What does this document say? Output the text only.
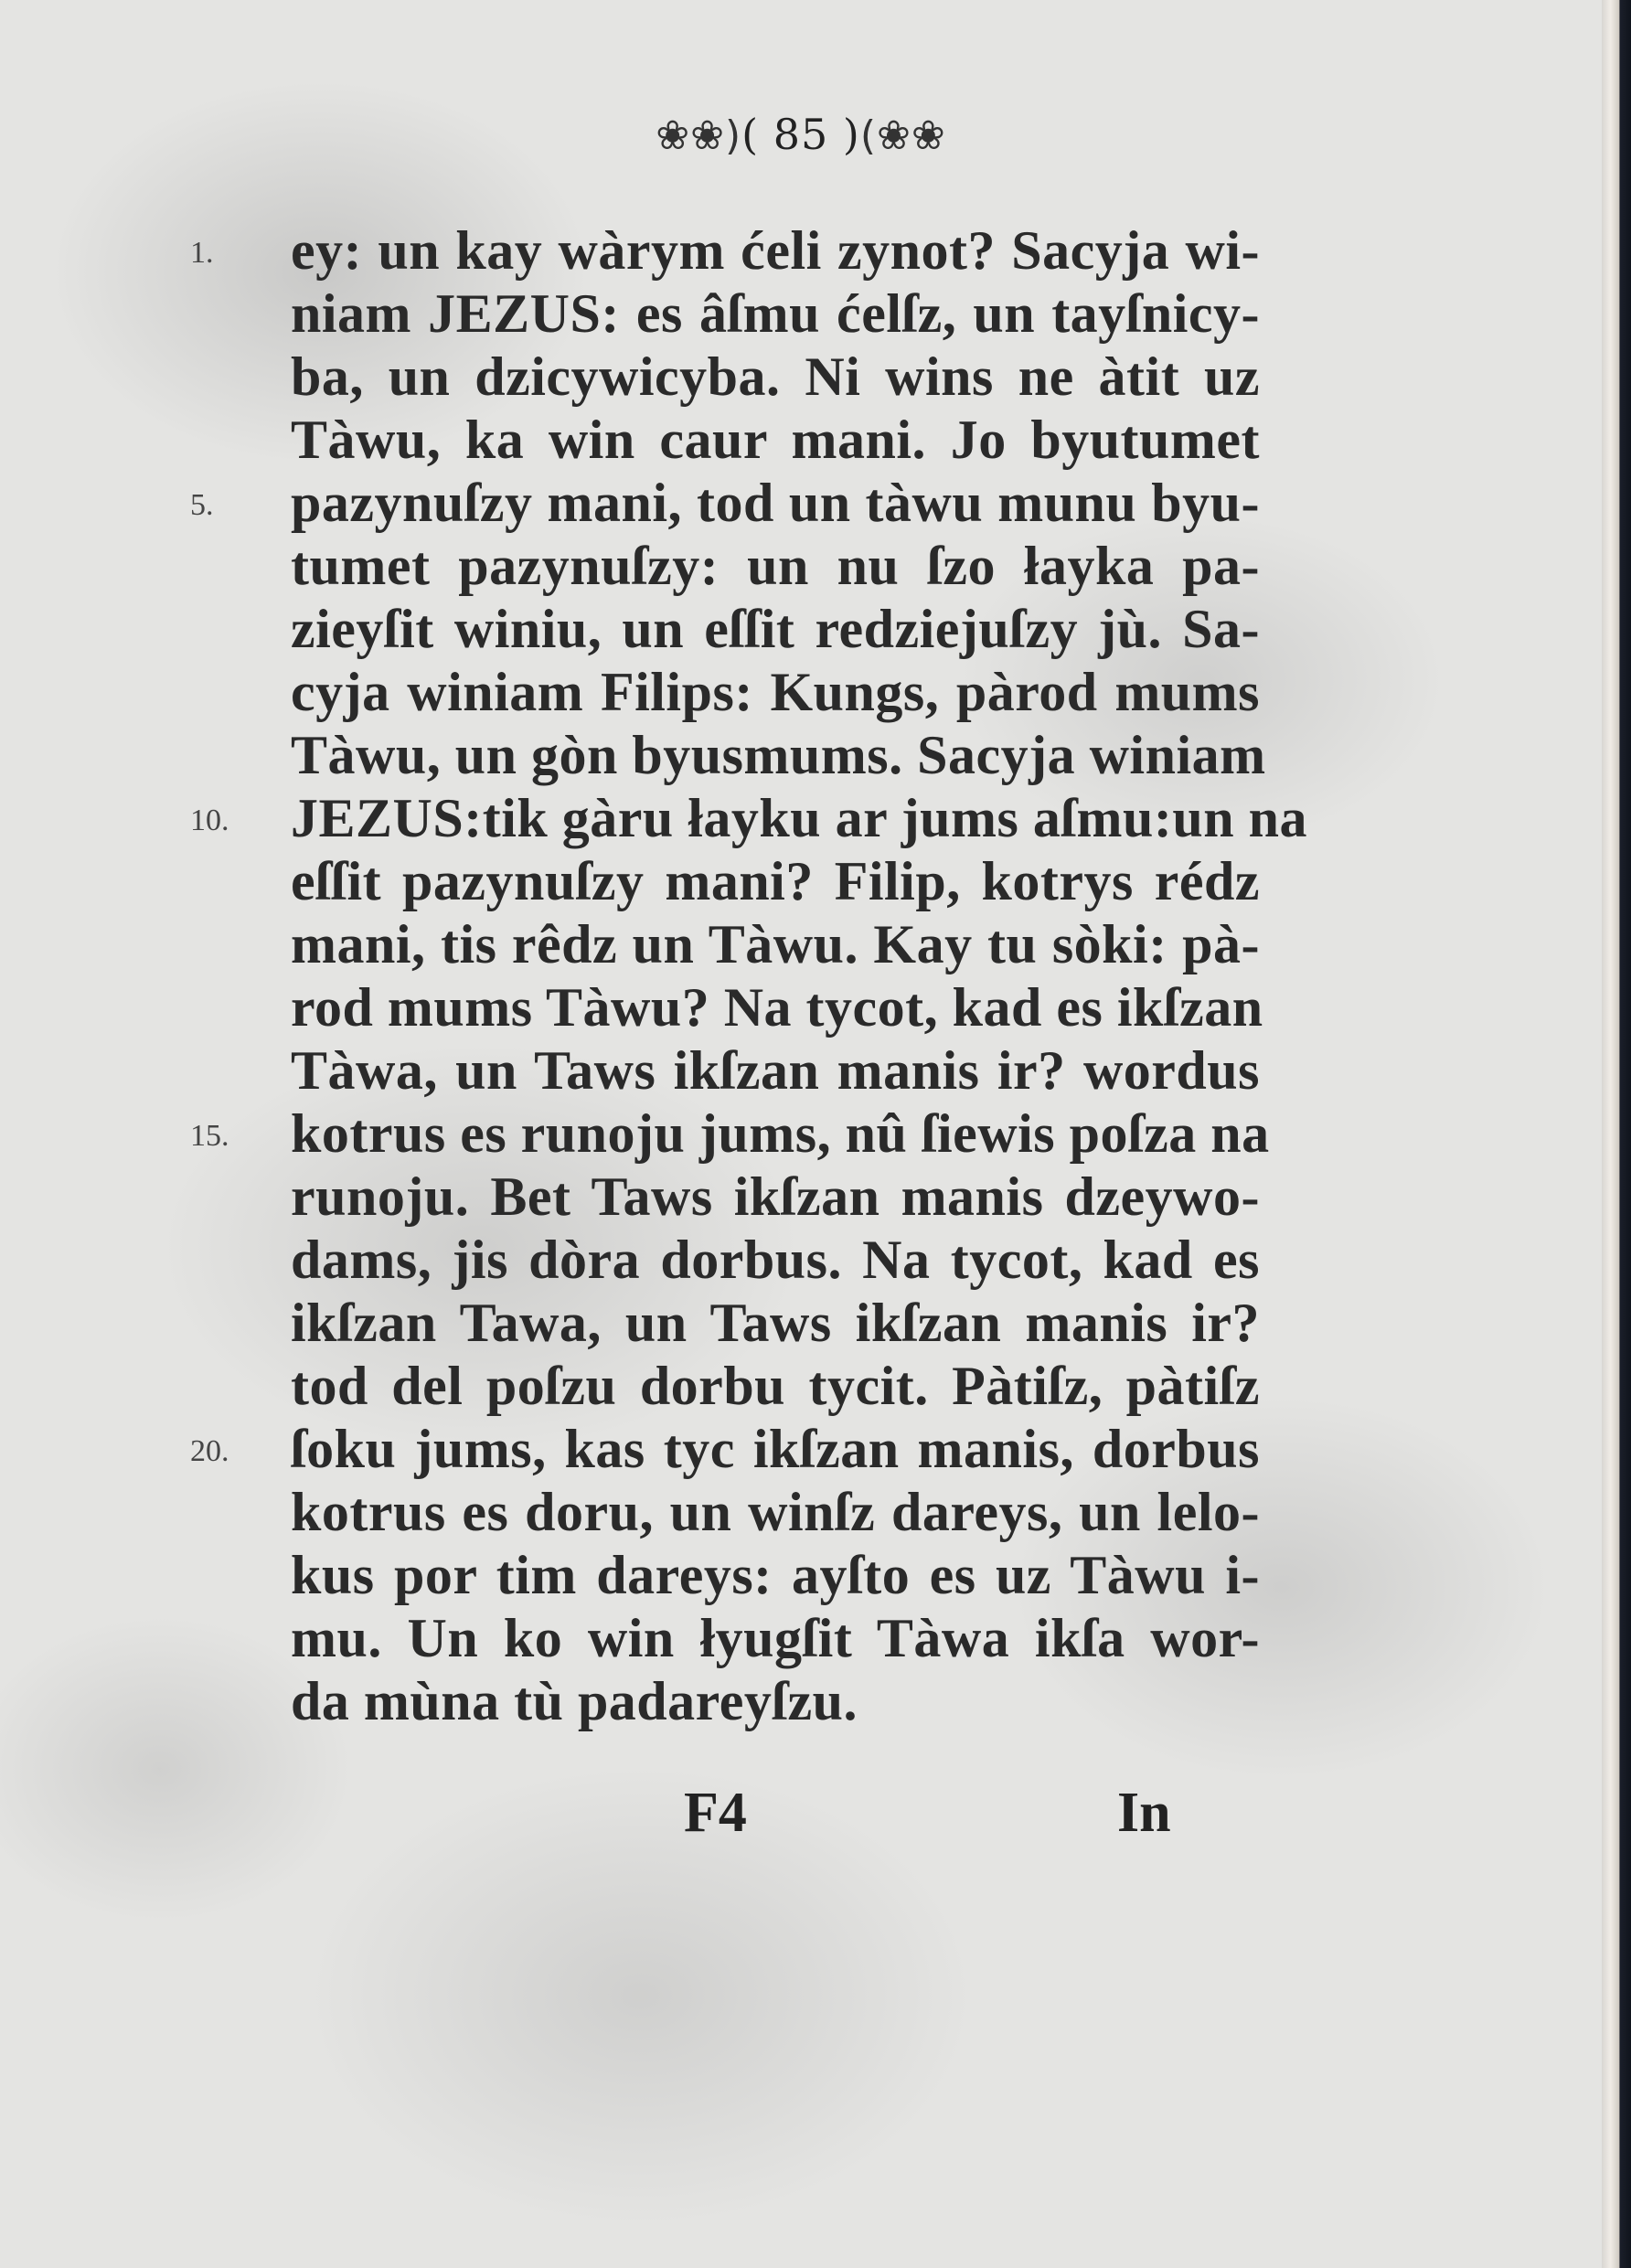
❀❀)( 85 )(❀❀
1.
5.
10.
15.
20.
ey: un kay wàrym ćeli zynot? Sacyja wi-
niam JEZUS: es âſmu ćelſz, un tayſnicy-
ba, un dzicywicyba. Ni wins ne àtit uz
Tàwu, ka win caur mani. Jo byutumet
pazynuſzy mani, tod un tàwu munu byu-
tumet pazynuſzy: un nu ſzo łayka pa-
zieyſit winiu, un eſſit redziejuſzy jù. Sa-
cyja winiam Filips: Kungs, pàrod mums
Tàwu, un gòn byusmums. Sacyja winiam
JEZUS:tik gàru łayku ar jums aſmu:un na
eſſit pazynuſzy mani? Filip, kotrys rédz
mani, tis rêdz un Tàwu. Kay tu sòki: pà-
rod mums Tàwu? Na tycot, kad es ikſzan
Tàwa, un Taws ikſzan manis ir? wordus
kotrus es runoju jums, nû ſiewis poſza na
runoju. Bet Taws ikſzan manis dzeywo-
dams, jis dòra dorbus. Na tycot, kad es
ikſzan Tawa, un Taws ikſzan manis ir?
tod del poſzu dorbu tycit. Pàtiſz, pàtiſz
ſoku jums, kas tyc ikſzan manis, dorbus
kotrus es doru, un winſz dareys, un lelo-
kus por tim dareys: ayſto es uz Tàwu i-
mu. Un ko win łyugſit Tàwa ikſa wor-
da mùna tù padareyſzu.
F4	In
